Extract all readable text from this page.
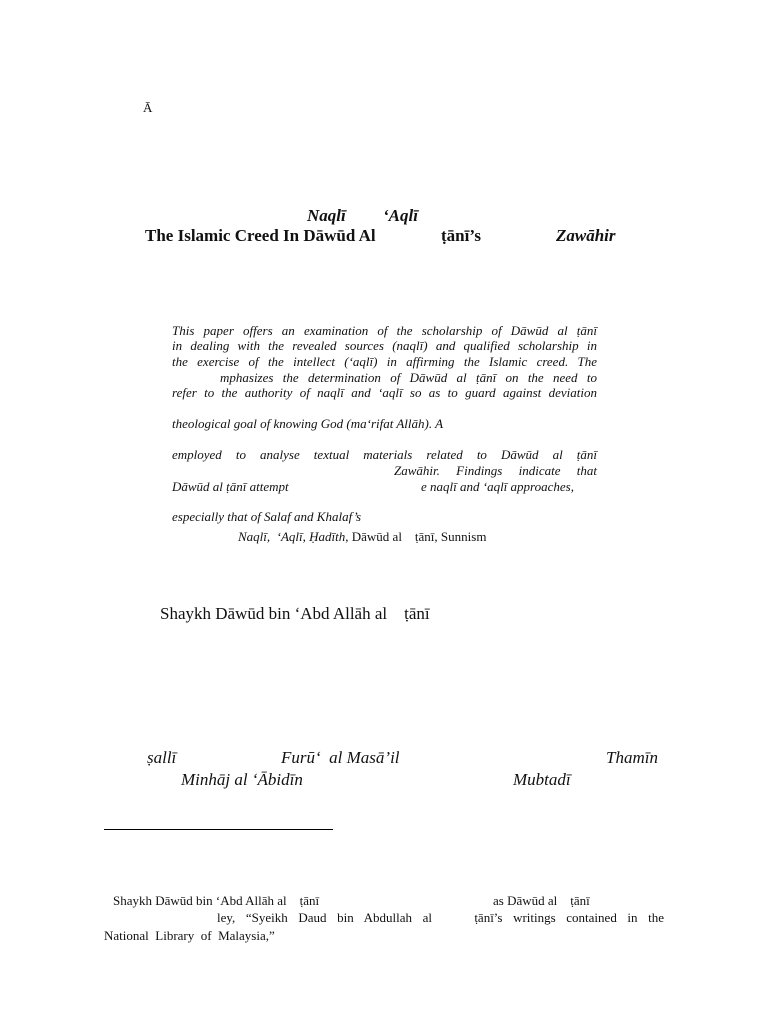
Ā
Naqlī ‘Aqlī
The Islamic Creed In Dāwūd Al	ṭānī’s	Zawāhir
This paper offers an examination of the scholarship of Dāwūd al ṭānī
in dealing with the revealed sources (naqlī) and qualified scholarship in
the exercise of the intellect (‘aqlī) in affirming the Islamic creed. The
mphasizes the determination of Dāwūd al ṭānī on the need to
refer to the authority of naqlī and ‘aqlī so as to guard against deviation
theological goal of knowing God (ma‘rifat Allāh). A
employed to analyse textual materials related to Dāwūd al ṭānī
Zawāhir. Findings indicate that
Dāwūd al ṭānī attempt	e naqlī and ‘aqlī approaches,
especially that of Salaf and Khalaf’s
Naqlī,  ‘Aqlī, Ḥadīth, Dāwūd al    ṭānī, Sunnism
Shaykh Dāwūd bin ‘Abd Allāh al    ṭānī
ṣallī	Furū‘  al Masā’il	Thamīn
Minhāj al ‘Ābidīn	Mubtadī
Shaykh Dāwūd bin ‘Abd Allāh al    ṭānī	as Dāwūd al    ṭānī
ley, “Syeikh Daud bin Abdullah al    ṭānī’s writings contained in the
National  Library  of  Malaysia,”
